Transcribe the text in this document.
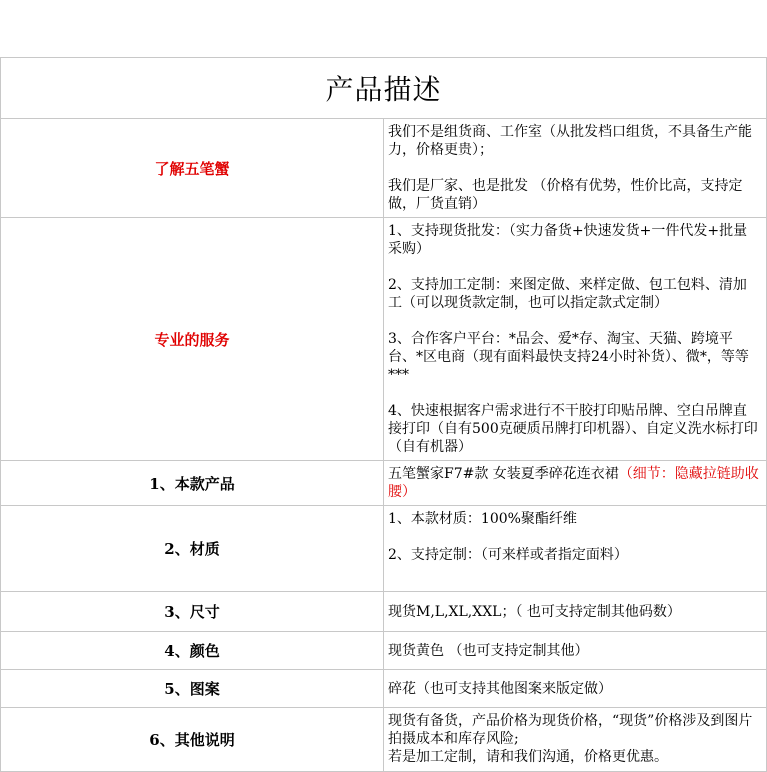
产品描述	
了解五笔蟹	我们不是组货商、工作室（从批发档口组货，不具备生产能力，价格更贵）；

我们是厂家、也是批发 （价格有优势，性价比高，支持定做，厂货直销）

专业的服务	1、支持现货批发：（实力备货+快速发货+一件代发+批量采购）

2、支持加工定制：来图定做、来样定做、包工包料、清加工（可以现货款定制，也可以指定款式定制）

3、合作客户平台：*品会、爱*存、淘宝、天猫、跨境平台、*区电商（现有面料最快支持24小时补货）、微*，等等***

4、快速根据客户需求进行不干胶打印贴吊牌、空白吊牌直接打印（自有500克硬质吊牌打印机器）、自定义洗水标打印（自有机器）

1、本款产品	五笔蟹家F7#款 女装夏季碎花连衣裙（细节：隐藏拉链助收腰）
2、材质	1、本款材质：100%聚酯纤维

2、支持定制：（可来样或者指定面料）

3、尺寸	现货M,L,XL,XXL；（ 也可支持定制其他码数）
4、颜色	现货黄色 （也可支持定制其他）
5、图案	碎花（也可支持其他图案来版定做）
6、其他说明	现货有备货，产品价格为现货价格，“现货”价格涉及到图片拍摄成本和库存风险;

若是加工定制，请和我们沟通，价格更优惠。
